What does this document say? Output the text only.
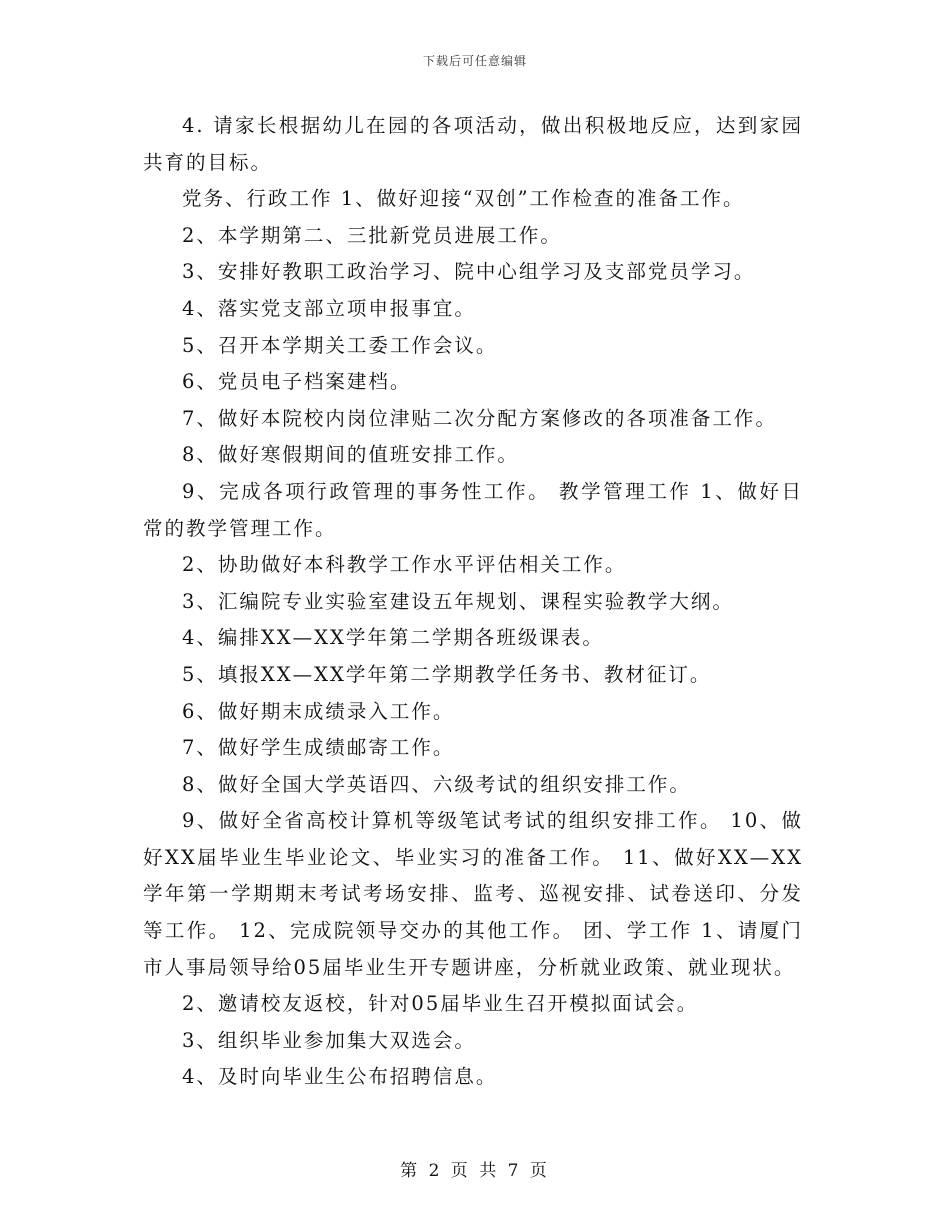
下载后可任意编辑

4. 请家长根据幼儿在园的各项活动，做出积极地反应，达到家园共育的目标。

党务、行政工作 1、做好迎接“双创”工作检查的准备工作。

2、本学期第二、三批新党员进展工作。

3、安排好教职工政治学习、院中心组学习及支部党员学习。

4、落实党支部立项申报事宜。

5、召开本学期关工委工作会议。

6、党员电子档案建档。

7、做好本院校内岗位津贴二次分配方案修改的各项准备工作。

8、做好寒假期间的值班安排工作。

9、完成各项行政管理的事务性工作。 教学管理工作 1、做好日常的教学管理工作。

2、协助做好本科教学工作水平评估相关工作。

3、汇编院专业实验室建设五年规划、课程实验教学大纲。

4、编排XX—XX学年第二学期各班级课表。

5、填报XX—XX学年第二学期教学任务书、教材征订。

6、做好期末成绩录入工作。

7、做好学生成绩邮寄工作。

8、做好全国大学英语四、六级考试的组织安排工作。

9、做好全省高校计算机等级笔试考试的组织安排工作。 10、做好XX届毕业生毕业论文、毕业实习的准备工作。 11、做好XX—XX学年第一学期期末考试考场安排、监考、巡视安排、试卷送印、分发等工作。 12、完成院领导交办的其他工作。 团、学工作 1、请厦门市人事局领导给05届毕业生开专题讲座，分析就业政策、就业现状。

2、邀请校友返校，针对05届毕业生召开模拟面试会。

3、组织毕业参加集大双选会。

4、及时向毕业生公布招聘信息。

第 2 页 共 7 页
